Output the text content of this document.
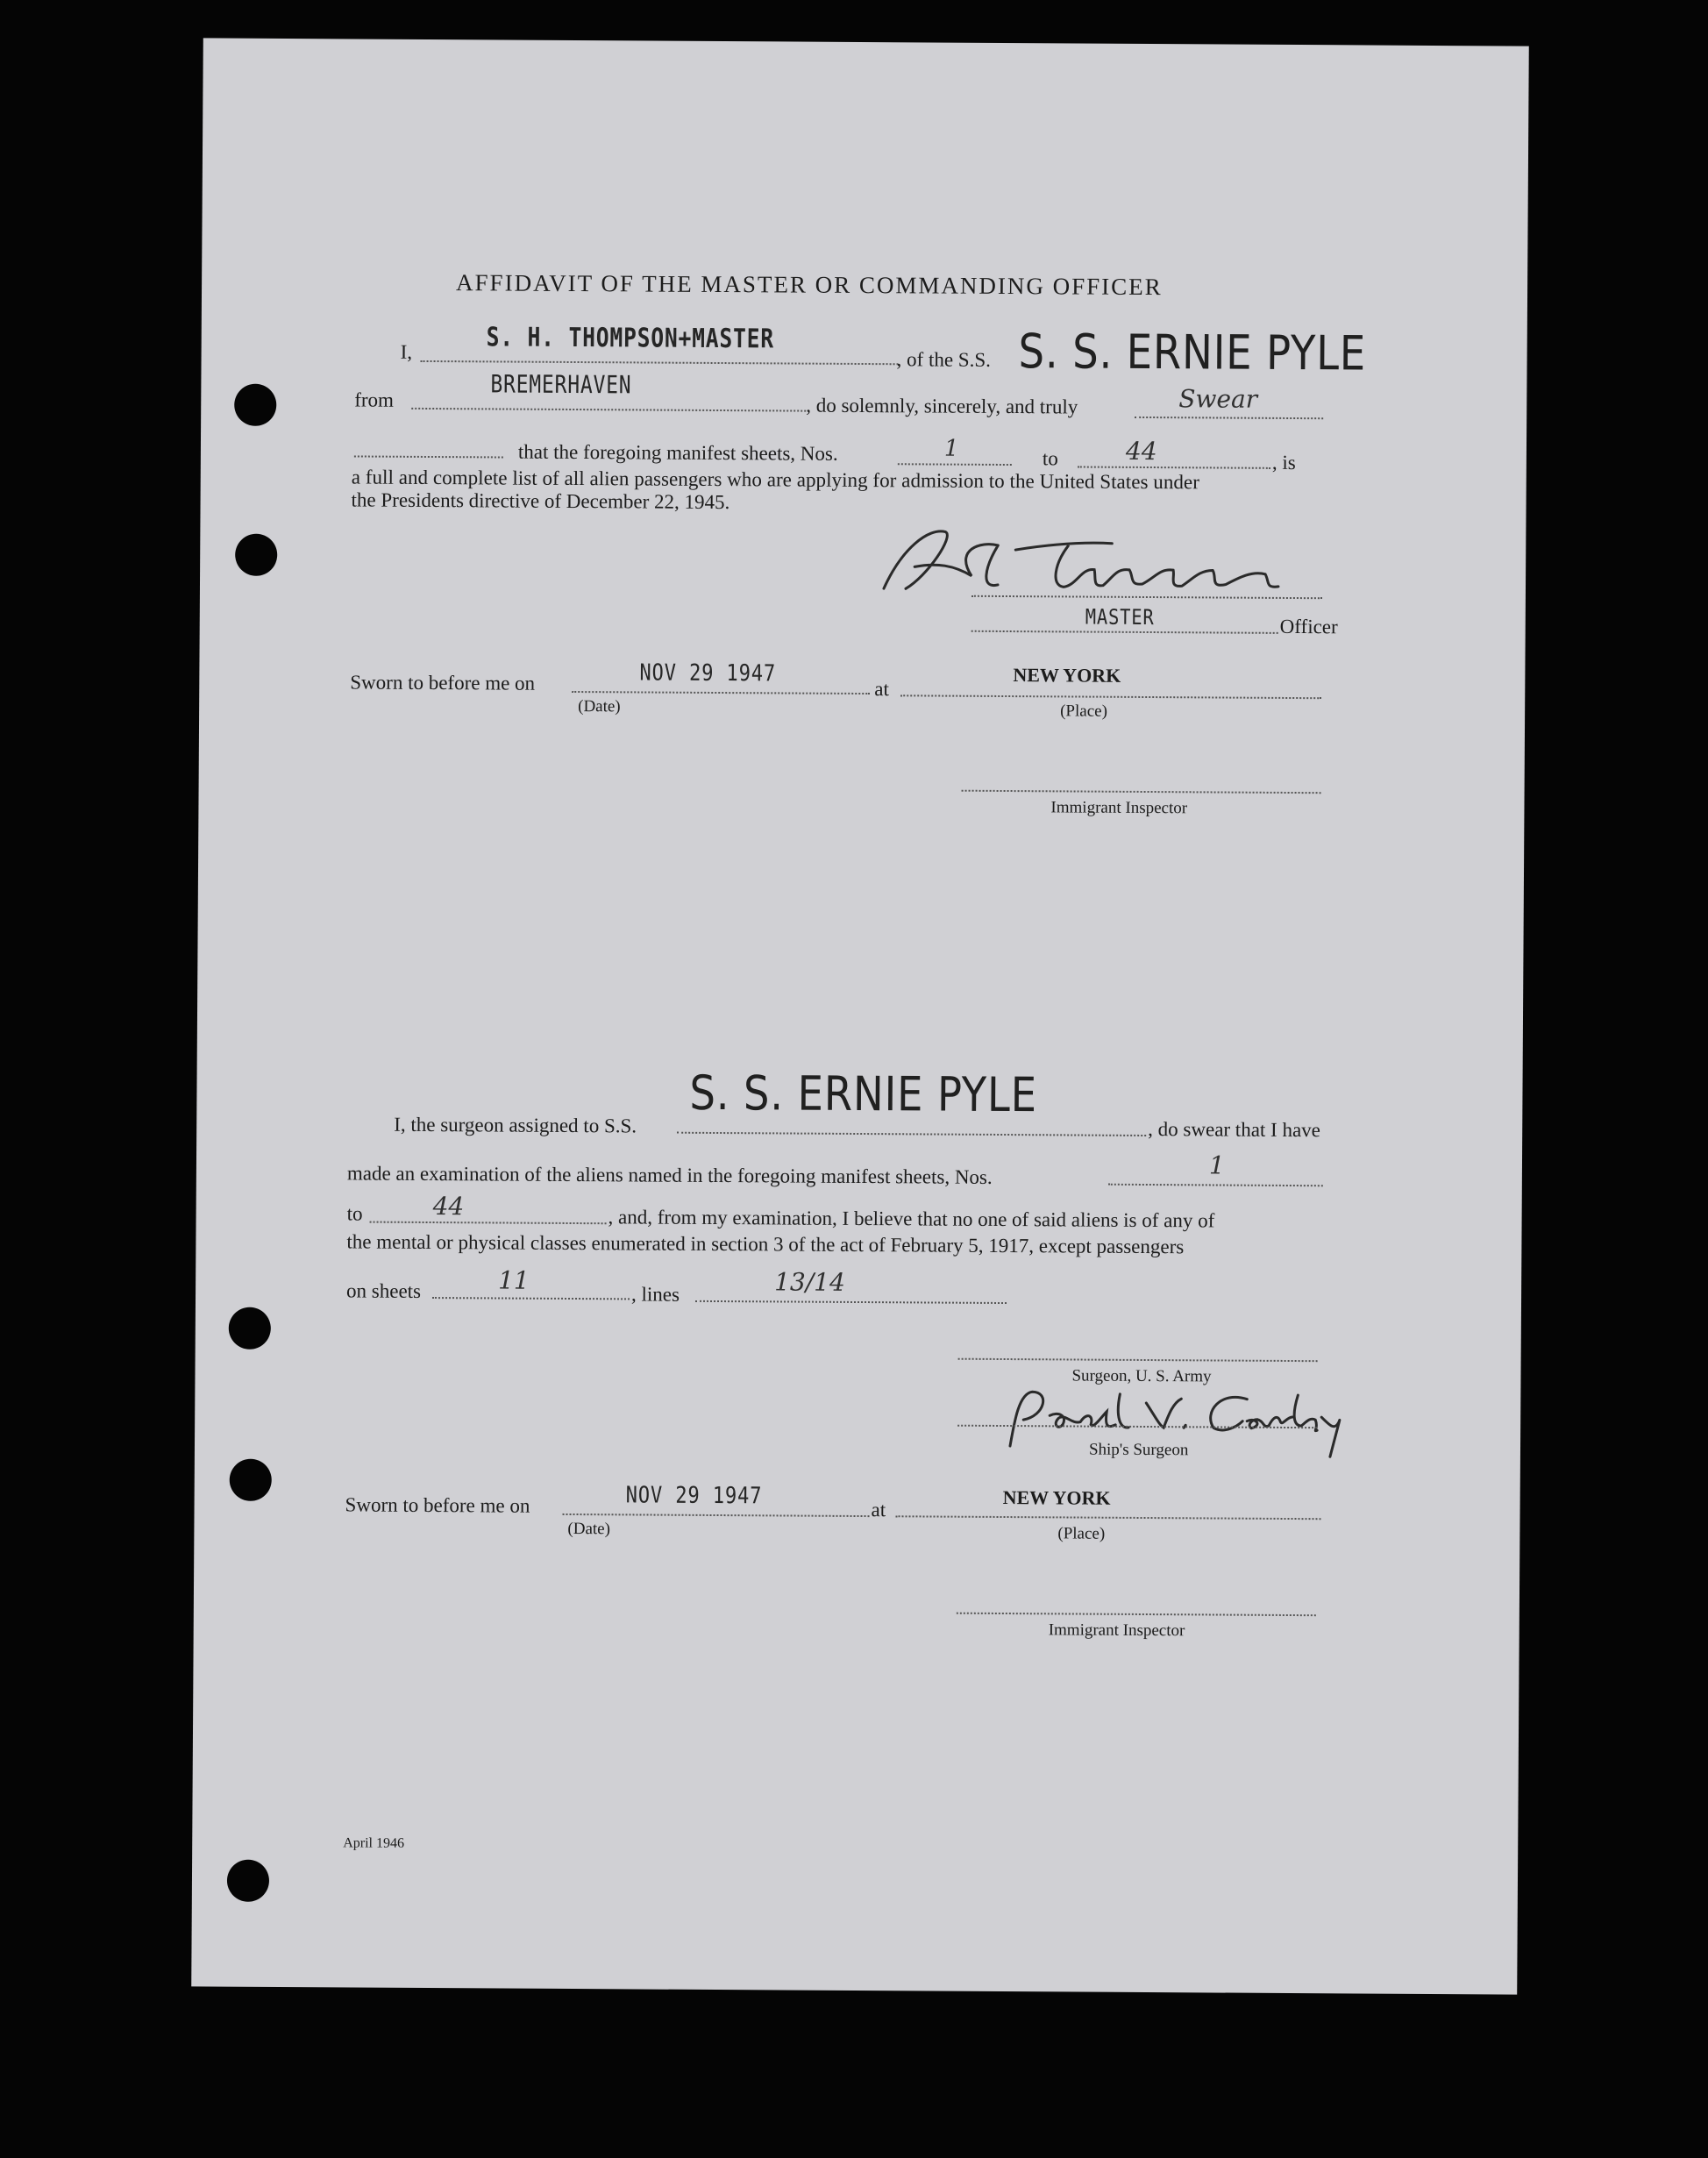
AFFIDAVIT OF THE MASTER OR COMMANDING OFFICER
I,	S. H. THOMPSON+MASTER
, of the S.S. S. S. ERNIE PYLE
from
BREMERHAVEN
, do solemnly, sincerely, and truly	Swear
that the foregoing manifest sheets, Nos.	1	to	44	, is
a full and complete list of all alien passengers who are applying for admission to the United States under
the Presidents directive of December 22, 1945.
MASTER	Officer
Sworn to before me on	NOV 29 1947
(Date)
at
NEW YORK
(Place)
Immigrant Inspector
S. S. ERNIE PYLE
I, the surgeon assigned to S.S.	, do swear that I have
made an examination of the aliens named in the foregoing manifest sheets, Nos.	1
to	44	, and, from my examination, I believe that no one of said aliens is of any of
the mental or physical classes enumerated in section 3 of the act of February 5, 1917, except passengers
on sheets	11	, lines	13/14
Surgeon, U. S. Army
Ship's Surgeon
Sworn to before me on	NOV 29 1947
(Date)
at
NEW YORK
(Place)
Immigrant Inspector
April 1946
